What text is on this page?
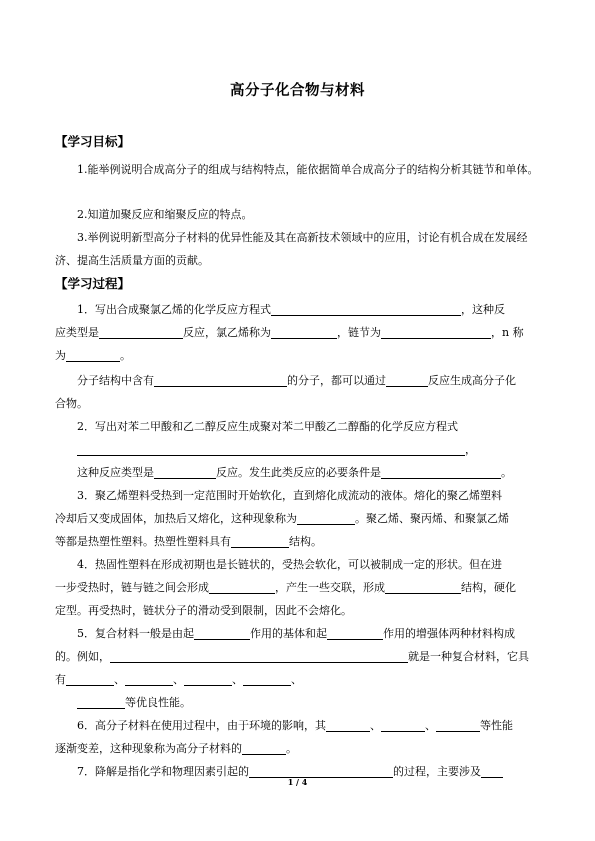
高分子化合物与材料
【学习目标】

1.能举例说明合成高分子的组成与结构特点，能依据简单合成高分子的结构分析其链节和单体。

2.知道加聚反应和缩聚反应的特点。

3.举例说明新型高分子材料的优异性能及其在高新技术领域中的应用，讨论有机合成在发展经济、提高生活质量方面的贡献。

【学习过程】
1．写出合成聚氯乙烯的化学反应方程式	，这种反
应类型是	反应，氯乙烯称为	，链节为	，n 称
为	。
分子结构中含有	的分子，都可以通过	反应生成高分子化
合物。
2．写出对苯二甲酸和乙二醇反应生成聚对苯二甲酸乙二醇酯的化学反应方程式
，
这种反应类型是	反应。发生此类反应的必要条件是	。
3．聚乙烯塑料受热到一定范围时开始软化，直到熔化成流动的液体。熔化的聚乙烯塑料
冷却后又变成固体，加热后又熔化，这种现象称为	。聚乙烯、聚丙烯、和聚氯乙烯
等都是热塑性塑料。热塑性塑料具有	结构。
4．热固性塑料在形成初期也是长链状的，受热会软化，可以被制成一定的形状。但在进
一步受热时，链与链之间会形成	，产生一些交联，形成	结构，硬化
定型。再受热时，链状分子的滑动受到限制，因此不会熔化。
5．复合材料一般是由起	作用的基体和起	作用的增强体两种材料构成
的。例如，	就是一种复合材料，它具
有	、	、	、	、
等优良性能。
6．高分子材料在使用过程中，由于环境的影响，其	、	、	等性能
逐渐变差，这种现象称为高分子材料的	。
7．降解是指化学和物理因素引起的	的过程，主要涉及
1 / 4
